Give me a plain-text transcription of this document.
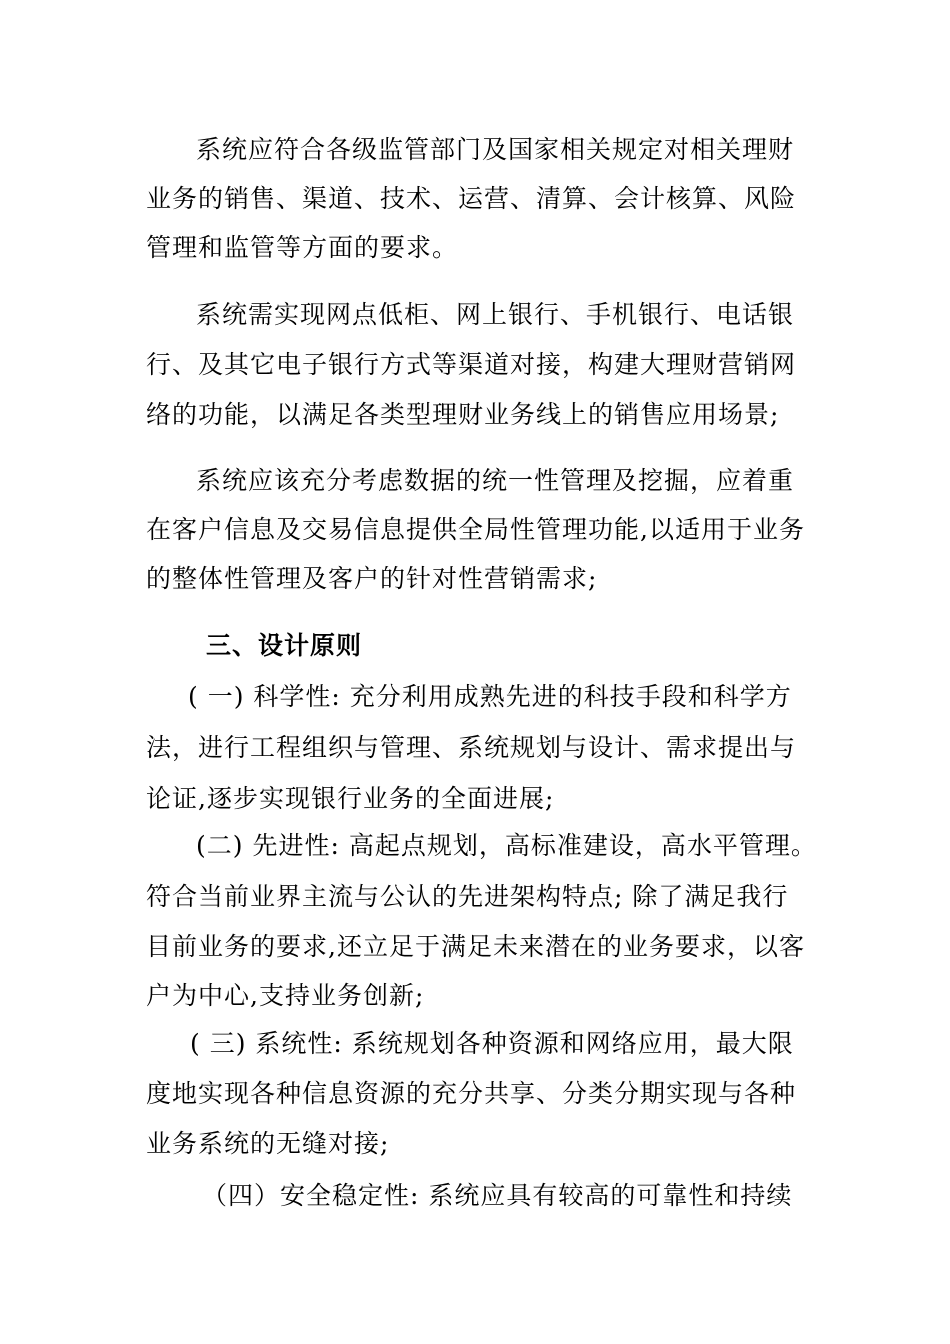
系统应符合各级监管部门及国家相关规定对相关理财
业务的销售、渠道、技术、运营、清算、会计核算、风险
管理和监管等方面的要求。
系统需实现网点低柜、网上银行、手机银行、电话银
行、及其它电子银行方式等渠道对接，构建大理财营销网
络的功能，以满足各类型理财业务线上的销售应用场景;
系统应该充分考虑数据的统一性管理及挖掘，应着重
在客户信息及交易信息提供全局性管理功能,以适用于业务
的整体性管理及客户的针对性营销需求;
三、设计原则
( 一) 科学性: 充分利用成熟先进的科技手段和科学方
法，进行工程组织与管理、系统规划与设计、需求提出与
论证,逐步实现银行业务的全面进展;
(二) 先进性: 高起点规划，高标准建设，高水平管理。
符合当前业界主流与公认的先进架构特点; 除了满足我行
目前业务的要求,还立足于满足未来潜在的业务要求，以客
户为中心,支持业务创新;
( 三) 系统性: 系统规划各种资源和网络应用，最大限
度地实现各种信息资源的充分共享、分类分期实现与各种
业务系统的无缝对接;
（四）安全稳定性: 系统应具有较高的可靠性和持续
